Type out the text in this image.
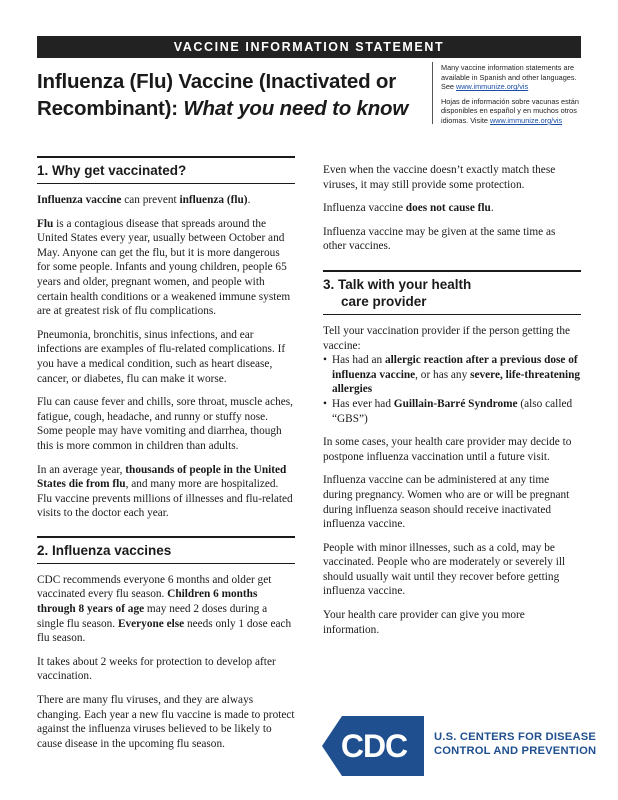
VACCINE INFORMATION STATEMENT
Influenza (Flu) Vaccine (Inactivated or Recombinant): What you need to know

Many vaccine information statements are available in Spanish and other languages. See www.immunize.org/vis

Hojas de información sobre vacunas están disponibles en español y en muchos otros idiomas. Visite www.immunize.org/vis

1. Why get vaccinated?

Influenza vaccine can prevent influenza (flu).

Flu is a contagious disease that spreads around the United States every year, usually between October and May. Anyone can get the flu, but it is more dangerous for some people. Infants and young children, people 65 years and older, pregnant women, and people with certain health conditions or a weakened immune system are at greatest risk of flu complications.

Pneumonia, bronchitis, sinus infections, and ear infections are examples of flu-related complications. If you have a medical condition, such as heart disease, cancer, or diabetes, flu can make it worse.

Flu can cause fever and chills, sore throat, muscle aches, fatigue, cough, headache, and runny or stuffy nose. Some people may have vomiting and diarrhea, though this is more common in children than adults.

In an average year, thousands of people in the United States die from flu, and many more are hospitalized. Flu vaccine prevents millions of illnesses and flu-related visits to the doctor each year.

2. Influenza vaccines

CDC recommends everyone 6 months and older get vaccinated every flu season. Children 6 months through 8 years of age may need 2 doses during a single flu season. Everyone else needs only 1 dose each flu season.

It takes about 2 weeks for protection to develop after vaccination.

There are many flu viruses, and they are always changing. Each year a new flu vaccine is made to protect against the influenza viruses believed to be likely to cause disease in the upcoming flu season.

Even when the vaccine doesn’t exactly match these viruses, it may still provide some protection.

Influenza vaccine does not cause flu.

Influenza vaccine may be given at the same time as other vaccines.

3. Talk with your health
care provider

Tell your vaccination provider if the person getting the vaccine:

• Has had an allergic reaction after a previous dose of influenza vaccine, or has any severe, life-threatening allergies
• Has ever had Guillain-Barré Syndrome (also called “GBS”)

In some cases, your health care provider may decide to postpone influenza vaccination until a future visit.

Influenza vaccine can be administered at any time during pregnancy. Women who are or will be pregnant during influenza season should receive inactivated influenza vaccine.

People with minor illnesses, such as a cold, may be vaccinated. People who are moderately or severely ill should usually wait until they recover before getting influenza vaccine.

Your health care provider can give you more information.

CDC U.S. CENTERS FOR DISEASE
CONTROL AND PREVENTION
